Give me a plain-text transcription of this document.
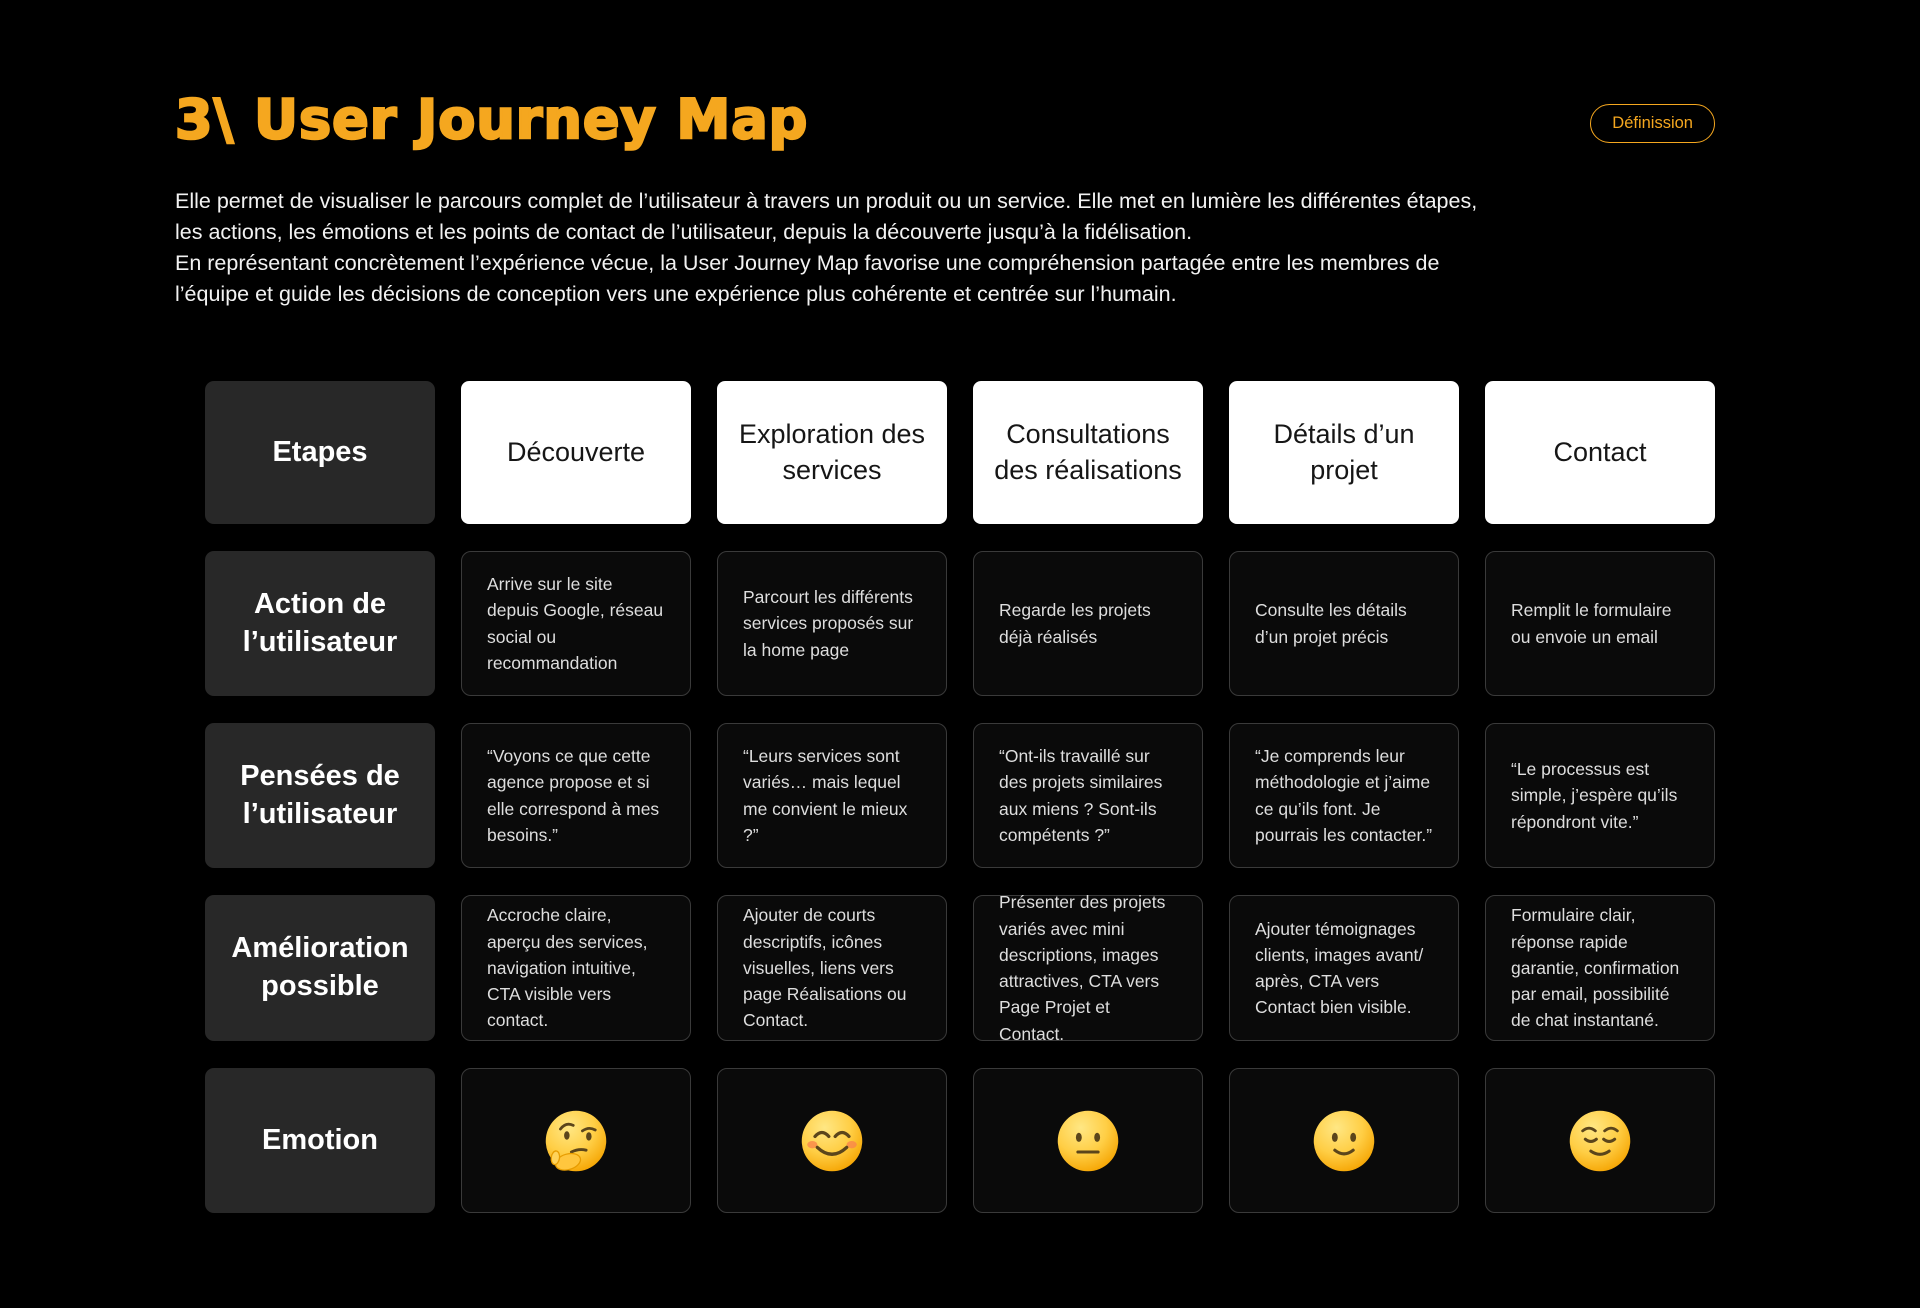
3\ User Journey Map	Définission
Elle permet de visualiser le parcours complet de l’utilisateur à travers un produit ou un service. Elle met en lumière les différentes étapes,
les actions, les émotions et les points de contact de l’utilisateur, depuis la découverte jusqu’à la fidélisation.
En représentant concrètement l’expérience vécue, la User Journey Map favorise une compréhension partagée entre les membres de
l’équipe et guide les décisions de conception vers une expérience plus cohérente et centrée sur l’humain.
Etapes	Découverte
Exploration des services
Consultations des réalisations
Détails d’un projet
Contact
Action de l’utilisateur
Arrive sur le site depuis Google, réseau social ou recommandation
Parcourt les différents services proposés sur la home page
Regarde les projets déjà réalisés
Consulte les détails d’un projet précis
Remplit le formulaire ou envoie un email
Pensées de l’utilisateur
“Voyons ce que cette agence propose et si elle correspond à mes besoins.”
“Leurs services sont variés… mais lequel me convient le mieux ?”
“Ont-ils travaillé sur des projets similaires aux miens ? Sont-ils compétents ?”
“Je comprends leur méthodologie et j’aime ce qu’ils font. Je pourrais les contacter.”
“Le processus est simple, j’espère qu’ils répondront vite.”
Amélioration possible
Accroche claire, aperçu des services, navigation intuitive, CTA visible vers contact.
Ajouter de courts descriptifs, icônes visuelles, liens vers page Réalisations ou Contact.
Présenter des projets variés avec mini descriptions, images attractives, CTA vers Page Projet et Contact.
Ajouter témoignages clients, images avant/ après, CTA vers Contact bien visible.
Formulaire clair, réponse rapide garantie, confirmation par email, possibilité de chat instantané.
Emotion
